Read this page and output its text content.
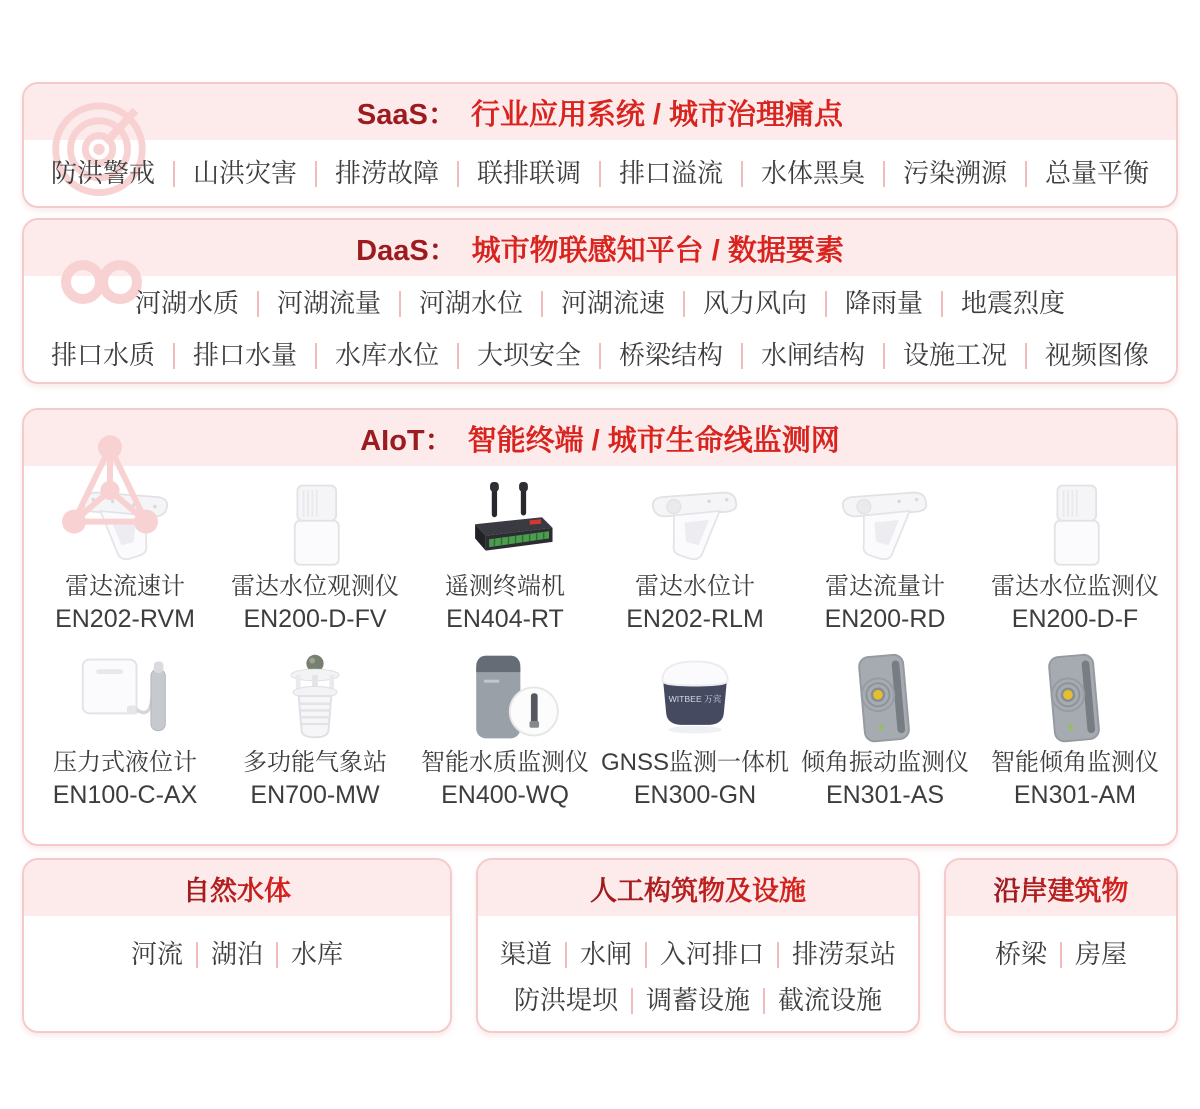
SaaS： 行业应用系统 / 城市治理痛点
防洪警戒	山洪灾害	排涝故障	联排联调	排口溢流	水体黑臭	污染溯源	总量平衡
DaaS： 城市物联感知平台 / 数据要素
河湖水质	河湖流量	河湖水位	河湖流速	风力风向	降雨量	地震烈度
排口水质	排口水量	水库水位	大坝安全	桥梁结构	水闸结构	设施工况	视频图像
AIoT： 智能终端 / 城市生命线监测网
雷达流速计
EN202-RVM
雷达水位观测仪
EN200-D-FV
遥测终端机
EN404-RT
雷达水位计
EN202-RLM
雷达流量计
EN200-RD
雷达水位监测仪
EN200-D-F
压力式液位计
EN100-C-AX
多功能气象站
EN700-MW
智能水质监测仪
EN400-WQ
WITBEE 万宾
GNSS监测一体机
EN300-GN
倾角振动监测仪
EN301-AS
智能倾角监测仪
EN301-AM
自然水体
河流	湖泊	水库
人工构筑物及设施
渠道	水闸	入河排口	排涝泵站
防洪堤坝	调蓄设施	截流设施
沿岸建筑物
桥梁	房屋
